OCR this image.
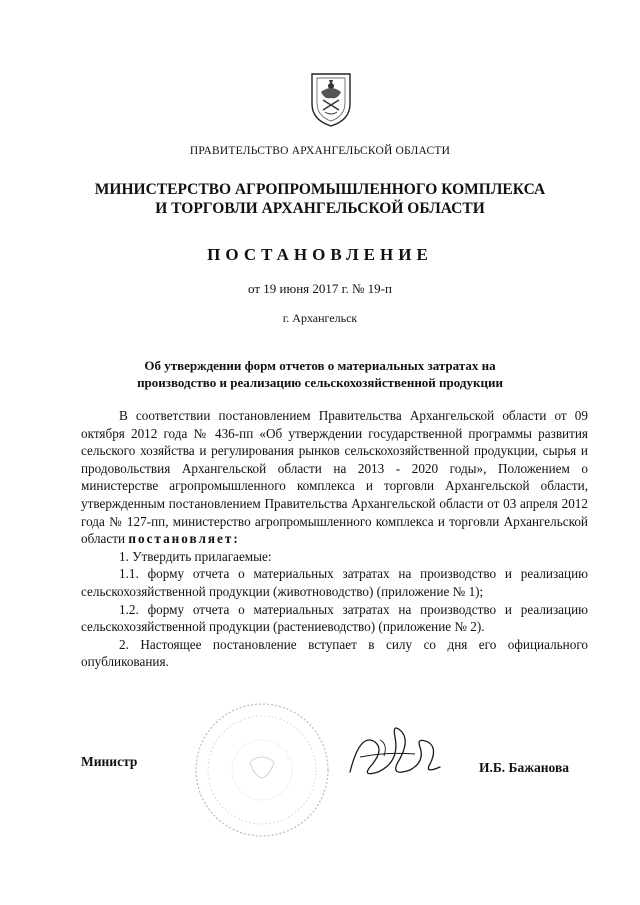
ПРАВИТЕЛЬСТВО АРХАНГЕЛЬСКОЙ ОБЛАСТИ
МИНИСТЕРСТВО АГРОПРОМЫШЛЕННОГО КОМПЛЕКСА
И ТОРГОВЛИ АРХАНГЕЛЬСКОЙ ОБЛАСТИ
ПОСТАНОВЛЕНИЕ
от 19 июня 2017 г. № 19-п
г. Архангельск
Об утверждении форм отчетов о материальных затратах на
производство и реализацию сельскохозяйственной продукции

В соответствии постановлением Правительства Архангельской области от 09 октября 2012 года № 436-пп «Об утверждении государственной программы развития сельского хозяйства и регулирования рынков сельскохозяйственной продукции, сырья и продовольствия Архангельской области на 2013 - 2020 годы», Положением о министерстве агропромышленного комплекса и торговли Архангельской области, утвержденным постановлением Правительства Архангельской области от 03 апреля 2012 года № 127-пп, министерство агропромышленного комплекса и торговли Архангельской области постановляет:

1. Утвердить прилагаемые:

1.1. форму отчета о материальных затратах на производство и реализацию сельскохозяйственной продукции (животноводство) (приложение № 1);

1.2. форму отчета о материальных затратах на производство и реализацию сельскохозяйственной продукции (растениеводство) (приложение № 2).

2. Настоящее постановление вступает в силу со дня его официального опубликования.

Министр	И.Б. Бажанова
